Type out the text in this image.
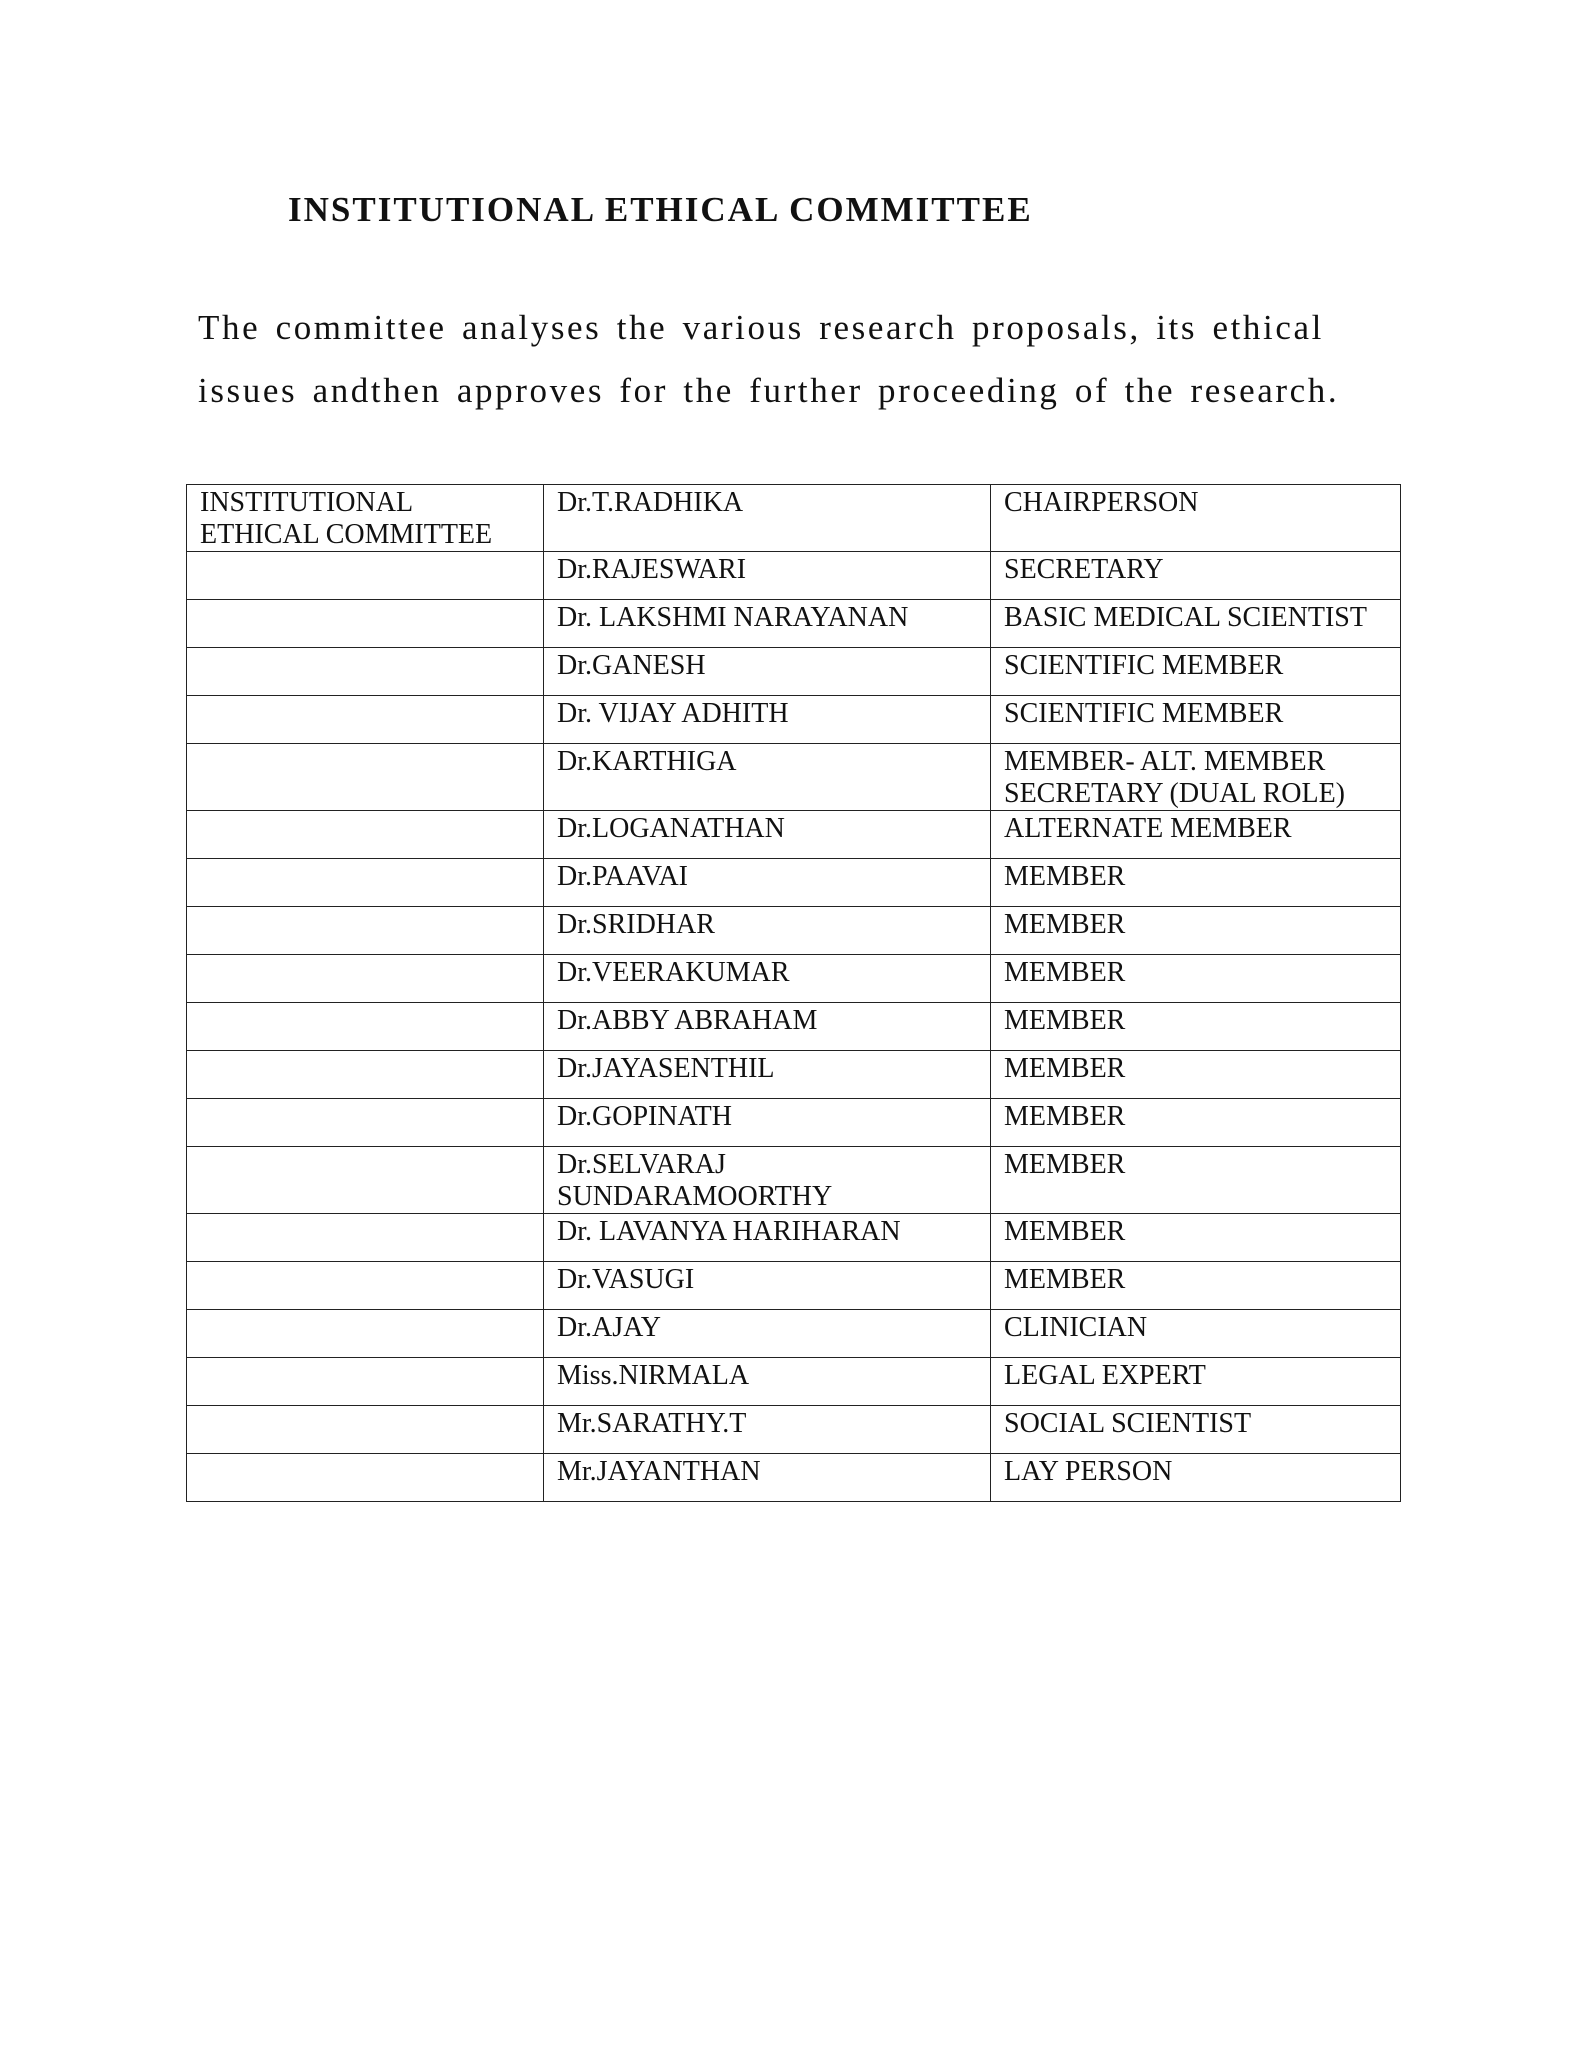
INSTITUTIONAL ETHICAL COMMITTEE
The committee analyses the various research proposals, its ethical
issues andthen approves for the further proceeding of the research.
INSTITUTIONAL
ETHICAL COMMITTEE	Dr.T.RADHIKA	CHAIRPERSON
	Dr.RAJESWARI	SECRETARY
	Dr. LAKSHMI NARAYANAN	BASIC MEDICAL SCIENTIST
	Dr.GANESH	SCIENTIFIC MEMBER
	Dr. VIJAY ADHITH	SCIENTIFIC MEMBER
	Dr.KARTHIGA	MEMBER- ALT. MEMBER
SECRETARY (DUAL ROLE)

	Dr.LOGANATHAN	ALTERNATE MEMBER
	Dr.PAAVAI	MEMBER
	Dr.SRIDHAR	MEMBER
	Dr.VEERAKUMAR	MEMBER
	Dr.ABBY ABRAHAM	MEMBER
	Dr.JAYASENTHIL	MEMBER
	Dr.GOPINATH	MEMBER

	Dr.SELVARAJ
SUNDARAMOORTHY	MEMBER
	Dr. LAVANYA HARIHARAN	MEMBER
	Dr.VASUGI	MEMBER
	Dr.AJAY	CLINICIAN
	Miss.NIRMALA	LEGAL EXPERT
	Mr.SARATHY.T	SOCIAL SCIENTIST
	Mr.JAYANTHAN	LAY PERSON
